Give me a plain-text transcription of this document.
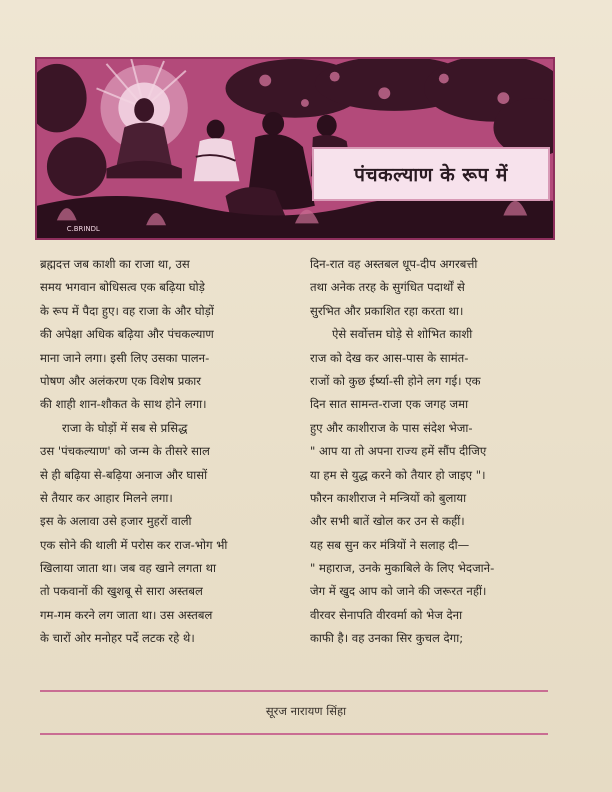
C.BRINDL
पंचकल्याण के रूप में
ब्रह्मदत्त जब काशी का राजा था, उस
समय भगवान बोधिसत्व एक बढ़िया घोड़े
के रूप में पैदा हुए। वह राजा के और घोड़ों
की अपेक्षा अधिक बढ़िया और पंचकल्याण
माना जाने लगा। इसी लिए उसका पालन-
पोषण और अलंकरण एक विशेष प्रकार
की शाही शान-शौकत के साथ होने लगा।
राजा के घोड़ों में सब से प्रसिद्ध
उस 'पंचकल्याण' को जन्म के तीसरे साल
से ही बढ़िया से-बढ़िया अनाज और घासों
से तैयार कर आहार मिलने लगा।
इस के अलावा उसे हजार मुहरों वाली
एक सोने की थाली में परोस कर राज-भोग भी
खिलाया जाता था। जब वह खाने लगता था
तो पकवानों की खुशबू से सारा अस्तबल
गम-गम करने लग जाता था। उस अस्तबल
के चारों ओर मनोहर पर्दे लटक रहे थे।
दिन-रात वह अस्तबल धूप-दीप अगरबत्ती
तथा अनेक तरह के सुगंधित पदार्थों से
सुरभित और प्रकाशित रहा करता था।
ऐसे सर्वोत्तम घोड़े से शोभित काशी
राज को देख कर आस-पास के सामंत-
राजों को कुछ ईर्ष्या-सी होने लग गई। एक
दिन सात सामन्त-राजा एक जगह जमा
हुए और काशीराज के पास संदेश भेजा-
" आप या तो अपना राज्य हमें सौंप दीजिए
या हम से युद्ध करने को तैयार हो जाइए "।
फौरन काशीराज ने मन्त्रियों को बुलाया
और सभी बातें खोल कर उन से कहीं।
यह सब सुन कर मंत्रियों ने सलाह दी—
" महाराज, उनके मुकाबिले के लिए भेदजाने-
जेग में खुद आप को जाने की जरूरत नहीं।
वीरवर सेनापति वीरवर्मा को भेज देना
काफी है। वह उनका सिर कुचल देगा;
सूरज नारायण सिंहा
